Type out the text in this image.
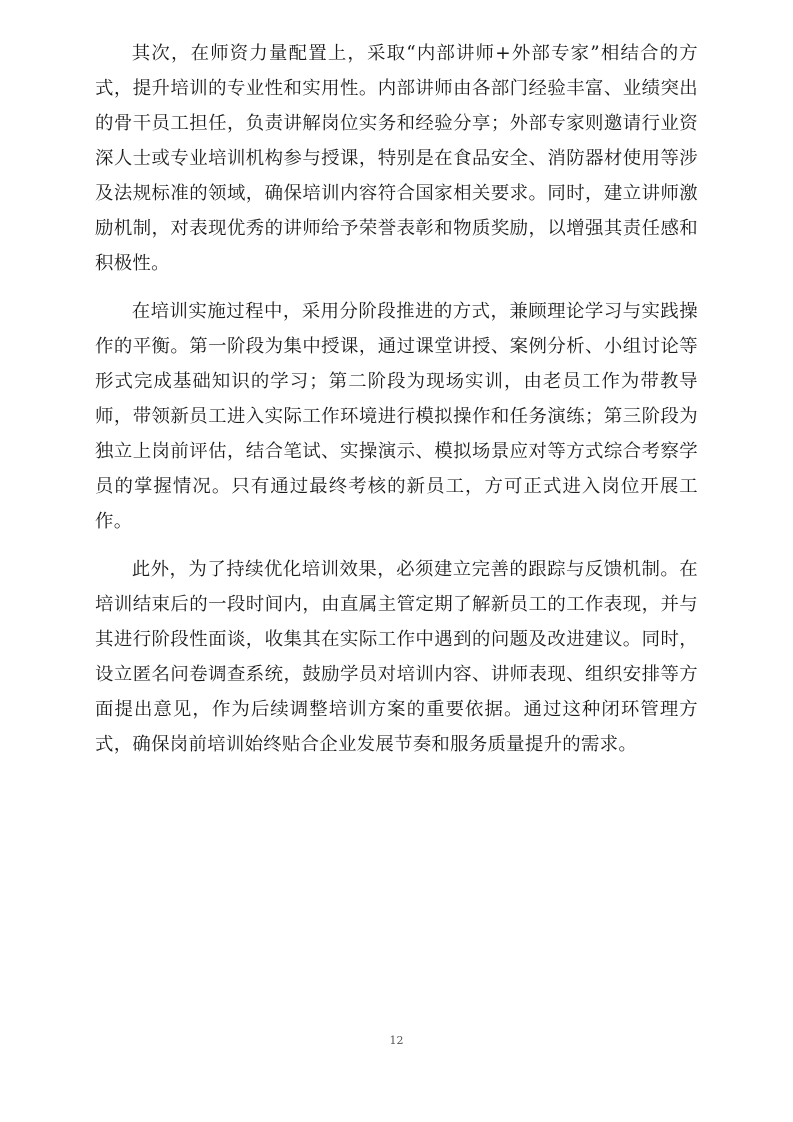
其次，在师资力量配置上，采取“内部讲师+外部专家”相结合的方式，提升培训的专业性和实用性。内部讲师由各部门经验丰富、业绩突出的骨干员工担任，负责讲解岗位实务和经验分享；外部专家则邀请行业资深人士或专业培训机构参与授课，特别是在食品安全、消防器材使用等涉及法规标准的领域，确保培训内容符合国家相关要求。同时，建立讲师激励机制，对表现优秀的讲师给予荣誉表彰和物质奖励，以增强其责任感和积极性。

在培训实施过程中，采用分阶段推进的方式，兼顾理论学习与实践操作的平衡。第一阶段为集中授课，通过课堂讲授、案例分析、小组讨论等形式完成基础知识的学习；第二阶段为现场实训，由老员工作为带教导师，带领新员工进入实际工作环境进行模拟操作和任务演练；第三阶段为独立上岗前评估，结合笔试、实操演示、模拟场景应对等方式综合考察学员的掌握情况。只有通过最终考核的新员工，方可正式进入岗位开展工作。

此外，为了持续优化培训效果，必须建立完善的跟踪与反馈机制。在培训结束后的一段时间内，由直属主管定期了解新员工的工作表现，并与其进行阶段性面谈，收集其在实际工作中遇到的问题及改进建议。同时，设立匿名问卷调查系统，鼓励学员对培训内容、讲师表现、组织安排等方面提出意见，作为后续调整培训方案的重要依据。通过这种闭环管理方式，确保岗前培训始终贴合企业发展节奏和服务质量提升的需求。

12
